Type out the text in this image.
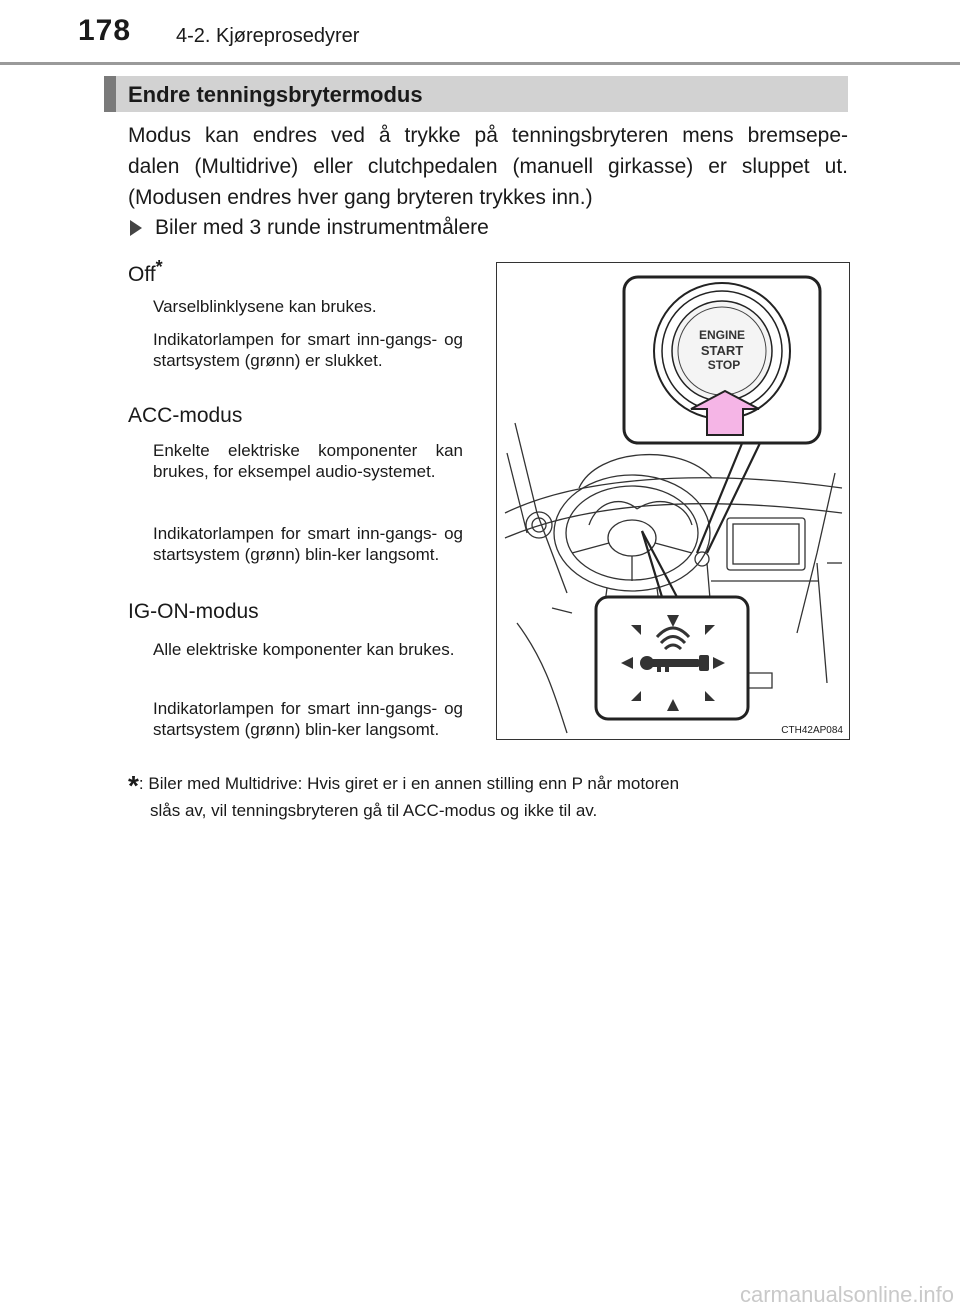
178 4-2. Kjøreprosedyrer
Endre tenningsbrytermodus

Modus kan endres ved å trykke på tenningsbryteren mens bremsepe-

dalen (Multidrive) eller clutchpedalen (manuell girkasse) er sluppet ut.

(Modusen endres hver gang bryteren trykkes inn.)

Biler med 3 runde instrumentmålere
Off*
Varselblinklysene kan brukes.
Indikatorlampen for smart inn-gangs- og startsystem (grønn) er slukket.
ACC-modus
Enkelte elektriske komponenter kan brukes, for eksempel audio-systemet.
Indikatorlampen for smart inn-gangs- og startsystem (grønn) blin-ker langsomt.
IG-ON-modus
Alle elektriske komponenter kan brukes.
Indikatorlampen for smart inn-gangs- og startsystem (grønn) blin-ker langsomt.
ENGINE
START
STOP
CTH42AP084
*: Biler med Multidrive: Hvis giret er i en annen stilling enn P når motoren
slås av, vil tenningsbryteren gå til ACC-modus og ikke til av.
carmanualsonline.info
